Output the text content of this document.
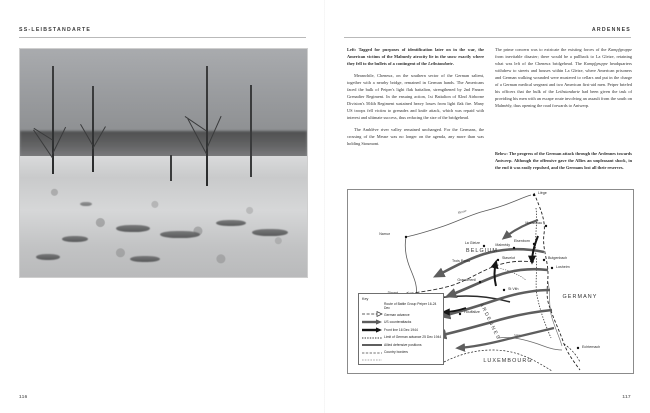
SS-LEIBSTANDARTE
116
ARDENNES

Left: Tagged for purposes of identification later on in the war, the American victims of the Malmedy atrocity lie in the snow exactly where they fell to the bullets of a contingent of the Leibstandarte.

Meanwhile, Cheneux, on the southern sector of the German salient, together with a nearby bridge, remained in German hands. The Americans faced the bulk of Peiper's light flak battalion, strengthened by 2nd Panzer Grenadier Regiment. In the ensuing action, 1st Battalion of 82nd Airborne Division's 504th Regiment sustained heavy losses from light flak fire. Many US troops fell victim to grenades and knife attack, which was repaid with interest and ultimate success, thus reducing the size of the bridgehead.

The Amblève river valley remained unchanged. For the Germans, the crossing of the Meuse was no longer on the agenda, any more than was holding Stoumont.

The prime concern was to extricate the existing forces of the Kampfgruppe from inevitable disaster; there would be a pullback to La Gleize, retaining what was left of the Cheneux bridgehead. The Kampfgruppe headquarters withdrew to streets and houses within La Gleize, where American prisoners and German walking wounded were mustered to cellars and put in the charge of a German medical sergeant and two American first-aid men. Peiper briefed his officers that the bulk of the Leibstandarte had been given the task of providing his men with an escape route involving an assault from the south on Malmédy, thus opening the road forwards to Antwerp.

Below: The progress of the German attack through the Ardennes towards Antwerp. Although the offensive gave the Allies an unpleasant shock, in the end it was easily repulsed, and the Germans lost all their reserves.
Meuse
Sûre
Namur
Liège
Monschau
Elsenborn
Malmédy
La Gleize
Stavelot
Trois Ponts
Butgenbach
Losheim
Grandmenil
St Vith
Houffalize
Echternach
BELGIUM
GERMANY
LUXEMBOURG
ARDENNES
Key
Route of Battle Group Peiper 16-24 Dec
German advance
US counterattacks
Front line 16 Dec 1944
Limit of German advance 25 Dec 1944
Allied defensive positions
Country borders
117
